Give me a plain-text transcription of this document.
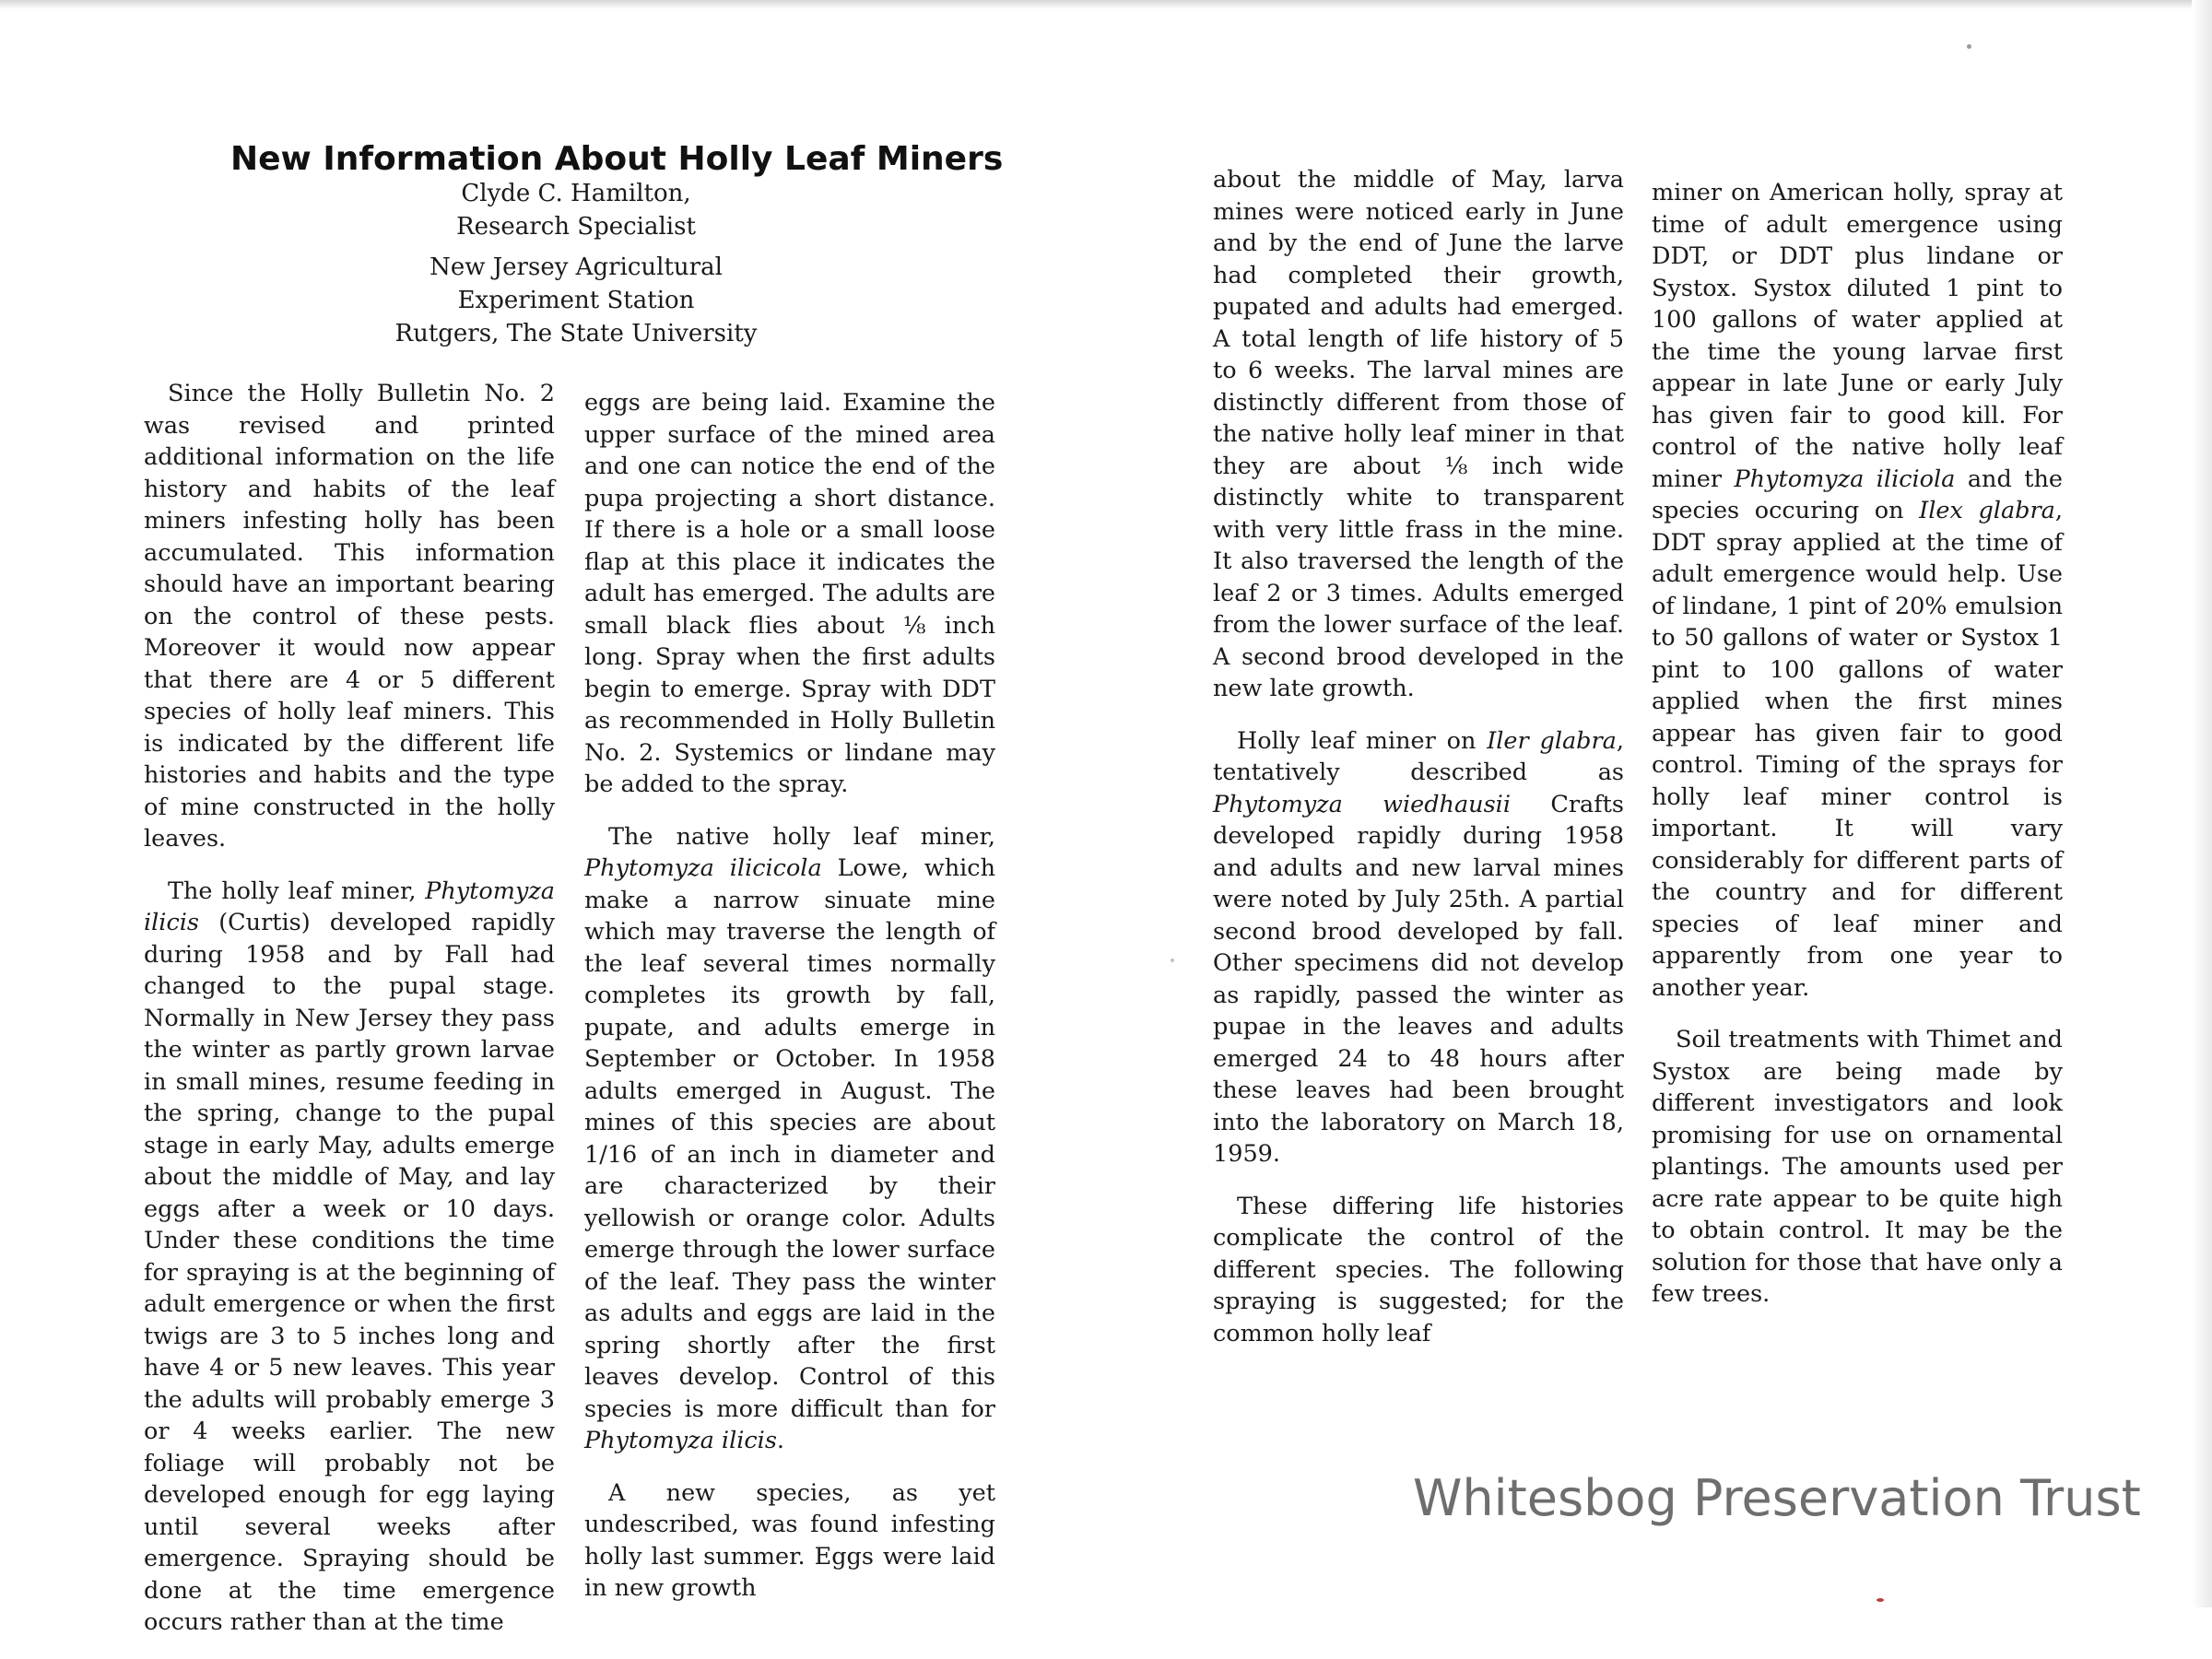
New Information About Holly Leaf Miners
Clyde C. Hamilton,
Research Specialist
New Jersey Agricultural
Experiment Station
Rutgers, The State University

Since the Holly Bulletin No. 2 was revised and printed additional information on the life history and habits of the leaf miners infesting holly has been accumulated. This information should have an important bearing on the control of these pests. Moreover it would now appear that there are 4 or 5 different species of holly leaf miners. This is indicated by the different life histories and habits and the type of mine constructed in the holly leaves.

The holly leaf miner, Phytomyza ilicis (Curtis) developed rapidly during 1958 and by Fall had changed to the pupal stage. Normally in New Jersey they pass the winter as partly grown larvae in small mines, resume feeding in the spring, change to the pupal stage in early May, adults emerge about the middle of May, and lay eggs after a week or 10 days. Under these conditions the time for spraying is at the beginning of adult emergence or when the first twigs are 3 to 5 inches long and have 4 or 5 new leaves. This year the adults will probably emerge 3 or 4 weeks earlier. The new foliage will probably not be developed enough for egg laying until several weeks after emergence. Spraying should be done at the time emergence occurs rather than at the time

eggs are being laid. Examine the upper surface of the mined area and one can notice the end of the pupa projecting a short distance. If there is a hole or a small loose flap at this place it indicates the adult has emerged. The adults are small black flies about ⅛ inch long. Spray when the first adults begin to emerge. Spray with DDT as recommended in Holly Bulletin No. 2. Systemics or lindane may be added to the spray.

The native holly leaf miner, Phytomyza ilicicola Lowe, which make a narrow sinuate mine which may traverse the length of the leaf several times normally completes its growth by fall, pupate, and adults emerge in September or October. In 1958 adults emerged in August. The mines of this species are about 1/16 of an inch in diameter and are characterized by their yellowish or orange color. Adults emerge through the lower surface of the leaf. They pass the winter as adults and eggs are laid in the spring shortly after the first leaves develop. Control of this species is more difficult than for Phytomyza ilicis.

A new species, as yet undescribed, was found infesting holly last summer. Eggs were laid in new growth

about the middle of May, larva mines were noticed early in June and by the end of June the larve had completed their growth, pupated and adults had emerged. A total length of life history of 5 to 6 weeks. The larval mines are distinctly different from those of the native holly leaf miner in that they are about ⅛ inch wide distinctly white to transparent with very little frass in the mine. It also traversed the length of the leaf 2 or 3 times. Adults emerged from the lower surface of the leaf. A second brood developed in the new late growth.

Holly leaf miner on Iler glabra, tentatively described as Phytomyza wiedhausii Crafts developed rapidly during 1958 and adults and new larval mines were noted by July 25th. A partial second brood developed by fall. Other specimens did not develop as rapidly, passed the winter as pupae in the leaves and adults emerged 24 to 48 hours after these leaves had been brought into the laboratory on March 18, 1959.

These differing life histories complicate the control of the different species. The following spraying is suggested; for the common holly leaf

miner on American holly, spray at time of adult emergence using DDT, or DDT plus lindane or Systox. Systox diluted 1 pint to 100 gallons of water applied at the time the young larvae first appear in late June or early July has given fair to good kill. For control of the native holly leaf miner Phytomyza iliciola and the species occuring on Ilex glabra, DDT spray applied at the time of adult emergence would help. Use of lindane, 1 pint of 20% emulsion to 50 gallons of water or Systox 1 pint to 100 gallons of water applied when the first mines appear has given fair to good control. Timing of the sprays for holly leaf miner control is important. It will vary considerably for different parts of the country and for different species of leaf miner and apparently from one year to another year.

Soil treatments with Thimet and Systox are being made by different investigators and look promising for use on ornamental plantings. The amounts used per acre rate appear to be quite high to obtain control. It may be the solution for those that have only a few trees.

Whitesbog Preservation Trust
